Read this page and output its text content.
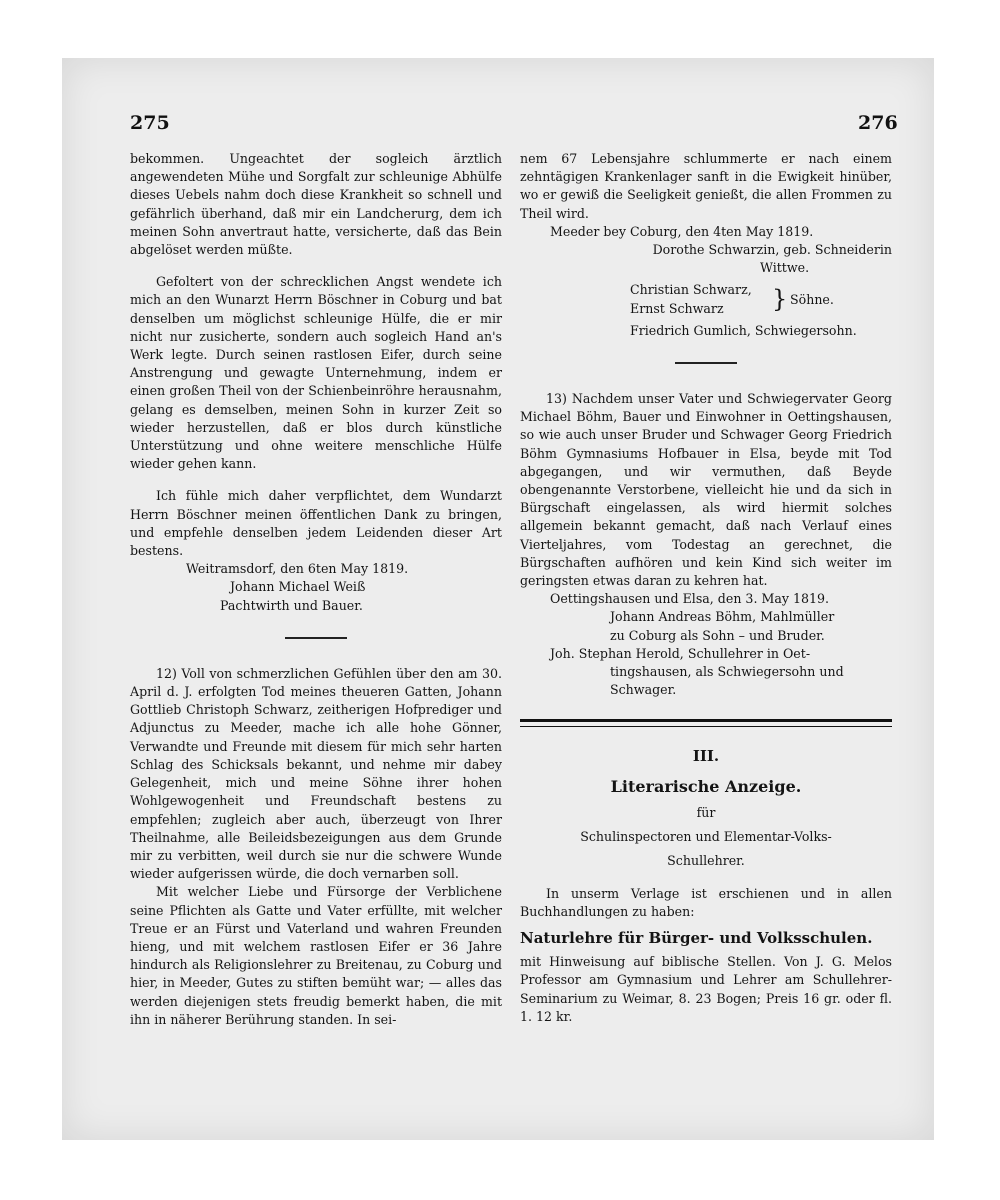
275	276

bekommen. Ungeachtet der sogleich ärztlich angewendeten Mühe und Sorgfalt zur schleunige Abhülfe dieses Uebels nahm doch diese Krankheit so schnell und gefährlich überhand, daß mir ein Landcherurg, dem ich meinen Sohn anvertraut hatte, versicherte, daß das Bein abgelöset werden müßte.

Gefoltert von der schrecklichen Angst wendete ich mich an den Wunarzt Herrn Böschner in Coburg und bat denselben um möglichst schleunige Hülfe, die er mir nicht nur zusicherte, sondern auch sogleich Hand an's Werk legte. Durch seinen rastlosen Eifer, durch seine Anstrengung und gewagte Unternehmung, indem er einen großen Theil von der Schienbeinröhre herausnahm, gelang es demselben, meinen Sohn in kurzer Zeit so wieder herzustellen, daß er blos durch künstliche Unterstützung und ohne weitere menschliche Hülfe wieder gehen kann.

Ich fühle mich daher verpflichtet, dem Wundarzt Herrn Böschner meinen öffentlichen Dank zu bringen, und empfehle denselben jedem Leidenden dieser Art bestens.

Weitramsdorf, den 6ten May 1819.

Johann Michael Weiß

Pachtwirth und Bauer.

12) Voll von schmerzlichen Gefühlen über den am 30. April d. J. erfolgten Tod meines theueren Gatten, Johann Gottlieb Christoph Schwarz, zeitherigen Hofprediger und Adjunctus zu Meeder, mache ich alle hohe Gönner, Verwandte und Freunde mit diesem für mich sehr harten Schlag des Schicksals bekannt, und nehme mir dabey Gelegenheit, mich und meine Söhne ihrer hohen Wohlgewogenheit und Freundschaft bestens zu empfehlen; zugleich aber auch, überzeugt von Ihrer Theilnahme, alle Beileidsbezeigungen aus dem Grunde mir zu verbitten, weil durch sie nur die schwere Wunde wieder aufgerissen würde, die doch vernarben soll.

Mit welcher Liebe und Fürsorge der Verblichene seine Pflichten als Gatte und Vater erfüllte, mit welcher Treue er an Fürst und Vaterland und wahren Freunden hieng, und mit welchem rastlosen Eifer er 36 Jahre hindurch als Religionslehrer zu Breitenau, zu Coburg und hier, in Meeder, Gutes zu stiften bemüht war; — alles das werden diejenigen stets freudig bemerkt haben, die mit ihn in näherer Berührung standen. In sei-

nem 67 Lebensjahre schlummerte er nach einem zehntägigen Krankenlager sanft in die Ewigkeit hinüber, wo er gewiß die Seeligkeit genießt, die allen Frommen zu Theil wird.

Meeder bey Coburg, den 4ten May 1819.

Dorothe Schwarzin, geb. Schneiderin

Wittwe.

Christian Schwarz,
Ernst Schwarz	} Söhne.

Friedrich Gumlich, Schwiegersohn.

13) Nachdem unser Vater und Schwiegervater Georg Michael Böhm, Bauer und Einwohner in Oettingshausen, so wie auch unser Bruder und Schwager Georg Friedrich Böhm Gymnasiums Hofbauer in Elsa, beyde mit Tod abgegangen, und wir vermuthen, daß Beyde obengenannte Verstorbene, vielleicht hie und da sich in Bürgschaft eingelassen, als wird hiermit solches allgemein bekannt gemacht, daß nach Verlauf eines Vierteljahres, vom Todestag an gerechnet, die Bürgschaften aufhören und kein Kind sich weiter im geringsten etwas daran zu kehren hat.

Oettingshausen und Elsa, den 3. May 1819.

Johann Andreas Böhm, Mahlmüller

zu Coburg als Sohn – und Bruder.

Joh. Stephan Herold, Schullehrer in Oet-

tingshausen, als Schwiegersohn und

Schwager.

III.
Literarische Anzeige.
für
Schulinspectoren und Elementar-Volks-
Schullehrer.

In unserm Verlage ist erschienen und in allen Buchhandlungen zu haben:

Naturlehre für Bürger- und Volksschulen.

mit Hinweisung auf biblische Stellen. Von J. G. Melos Professor am Gymnasium und Lehrer am Schullehrer-Seminarium zu Weimar, 8. 23 Bogen; Preis 16 gr. oder fl. 1. 12 kr.
